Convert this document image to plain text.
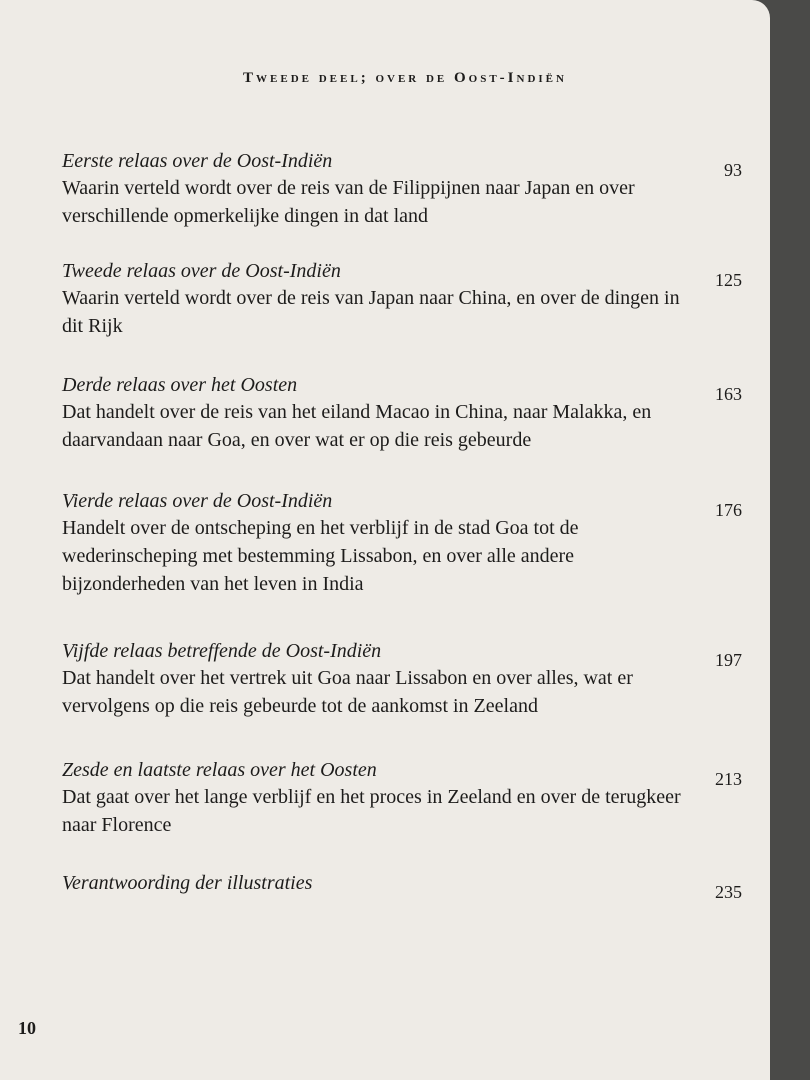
Tweede deel; over de Oost-Indiën
Eerste relaas over de Oost-Indiën
Waarin verteld wordt over de reis van de Filippijnen naar Japan en over verschillende opmerkelijke dingen in dat land
93
Tweede relaas over de Oost-Indiën
Waarin verteld wordt over de reis van Japan naar China, en over de dingen in dit Rijk
125
Derde relaas over het Oosten
Dat handelt over de reis van het eiland Macao in China, naar Malakka, en daarvandaan naar Goa, en over wat er op die reis gebeurde
163
Vierde relaas over de Oost-Indiën
Handelt over de ontscheping en het verblijf in de stad Goa tot de wederinscheping met bestemming Lissabon, en over alle andere bijzonderheden van het leven in India
176
Vijfde relaas betreffende de Oost-Indiën
Dat handelt over het vertrek uit Goa naar Lissabon en over alles, wat er vervolgens op die reis gebeurde tot de aankomst in Zeeland
197
Zesde en laatste relaas over het Oosten
Dat gaat over het lange verblijf en het proces in Zeeland en over de terugkeer naar Florence
213
Verantwoording der illustraties	235
10
